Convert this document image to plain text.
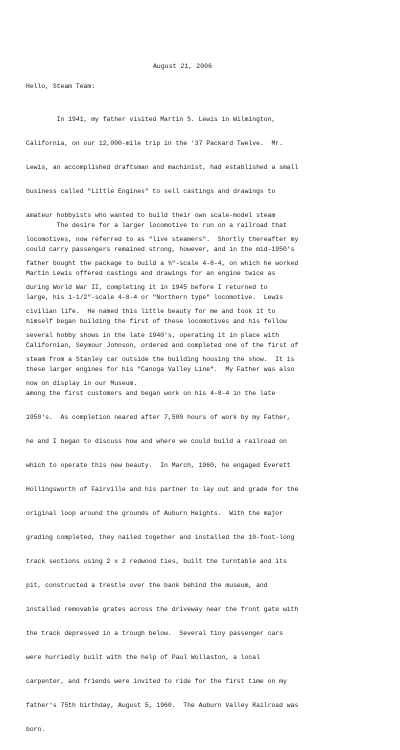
August 21, 2006
Hello, Steam Team:

In 1941, my father visited Martin S. Lewis in Wilmington,

California, on our 12,000-mile trip in the '37 Packard Twelve.  Mr.

Lewis, an accomplished draftsman and machinist, had established a small

business called "Little Engines" to sell castings and drawings to

amateur hobbyists who wanted to build their own scale-model steam

locomotives, now referred to as "live steamers".  Shortly thereafter my

father bought the package to build a ¾"-scale 4-8-4, on which he worked

during World War II, completing it in 1945 before I returned to

civilian life.  He named this little beauty for me and took it to

several hobby shows in the late 1940's, operating it in place with

steam from a Stanley car outside the building housing the show.  It is

now on display in our Museum.

The desire for a larger locomotive to run on a railroad that

could carry passengers remained strong, however, and in the mid-1950's

Martin Lewis offered castings and drawings for an engine twice as

large, his 1-1/2"-scale 4-8-4 or "Northern type" locomotive.  Lewis

himself began building the first of these locomotives and his fellow

Californian, Seymour Johnson, ordered and completed one of the first of

these larger engines for his "Canoga Valley Line".  My Father was also

among the first customers and began work on his 4-8-4 in the late

1950's.  As completion neared after 7,500 hours of work by my Father,

he and I began to discuss how and where we could build a railroad on

which to operate this new beauty.  In March, 1960, he engaged Everett

Hollingsworth of Fairville and his partner to lay out and grade for the

original loop around the grounds of Auburn Heights.  With the major

grading completed, they nailed together and installed the 10-foot-long

track sections using 2 x 2 redwood ties, built the turntable and its

pit, constructed a trestle over the bank behind the museum, and

installed removable grates across the driveway near the front gate with

the track depressed in a trough below.  Several tiny passenger cars

were hurriedly built with the help of Paul Wollaston, a local

carpenter, and friends were invited to ride for the first time on my

father's 75th birthday, August 5, 1960.  The Auburn Valley Railroad was

born.
